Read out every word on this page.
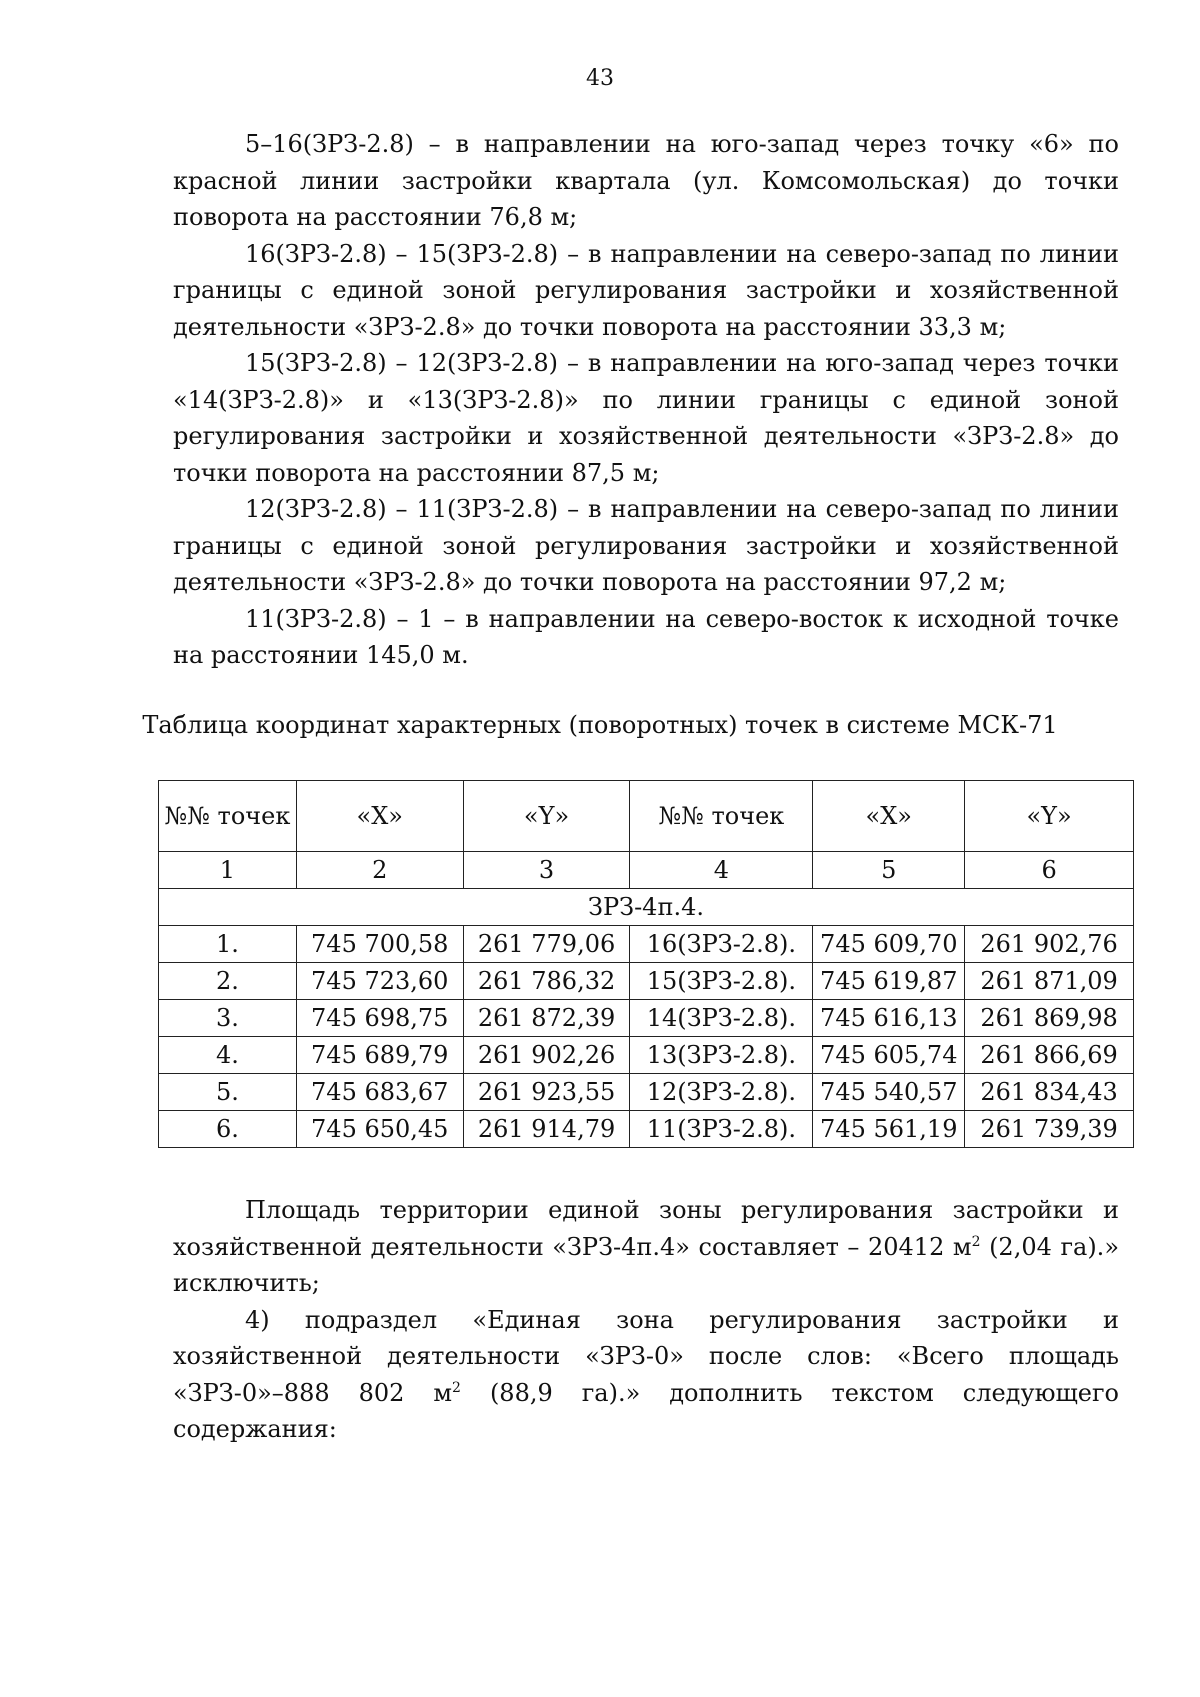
43

5–16(ЗРЗ-2.8) – в направлении на юго-запад через точку «6» по красной линии застройки квартала (ул. Комсомольская) до точки поворота на расстоянии 76,8 м;

16(ЗРЗ-2.8) – 15(ЗРЗ-2.8) – в направлении на северо-запад по линии границы с единой зоной регулирования застройки и хозяйственной деятельности «ЗРЗ-2.8» до точки поворота на расстоянии 33,3 м;

15(ЗРЗ-2.8) – 12(ЗРЗ-2.8) – в направлении на юго-запад через точки «14(ЗРЗ-2.8)» и «13(ЗРЗ-2.8)» по линии границы с единой зоной регулирования застройки и хозяйственной деятельности «ЗРЗ-2.8» до точки поворота на расстоянии 87,5 м;

12(ЗРЗ-2.8) – 11(ЗРЗ-2.8) – в направлении на северо-запад по линии границы с единой зоной регулирования застройки и хозяйственной деятельности «ЗРЗ-2.8» до точки поворота на расстоянии 97,2 м;

11(ЗРЗ-2.8) – 1 – в направлении на северо-восток к исходной точке на расстоянии 145,0 м.

Таблица координат характерных (поворотных) точек в системе МСК-71
№№ точек	«X»	«Y»	№№ точек	«X»	«Y»
1	2	3	4	5	6
ЗРЗ-4п.4.					
1.	745 700,58	261 779,06	16(ЗРЗ-2.8).	745 609,70	261 902,76
2.	745 723,60	261 786,32	15(ЗРЗ-2.8).	745 619,87	261 871,09
3.	745 698,75	261 872,39	14(ЗРЗ-2.8).	745 616,13	261 869,98
4.	745 689,79	261 902,26	13(ЗРЗ-2.8).	745 605,74	261 866,69
5.	745 683,67	261 923,55	12(ЗРЗ-2.8).	745 540,57	261 834,43
6.	745 650,45	261 914,79	11(ЗРЗ-2.8).	745 561,19	261 739,39

Площадь территории единой зоны регулирования застройки и хозяйственной деятельности «ЗРЗ-4п.4» составляет – 20412 $м^2$ (2,04 га).» исключить;

4) подраздел «Единая зона регулирования застройки и хозяйственной деятельности «ЗРЗ-0» после слов: «Всего площадь «ЗРЗ-0»–888 802 $м^2$ (88,9 га).» дополнить текстом следующего содержания:
